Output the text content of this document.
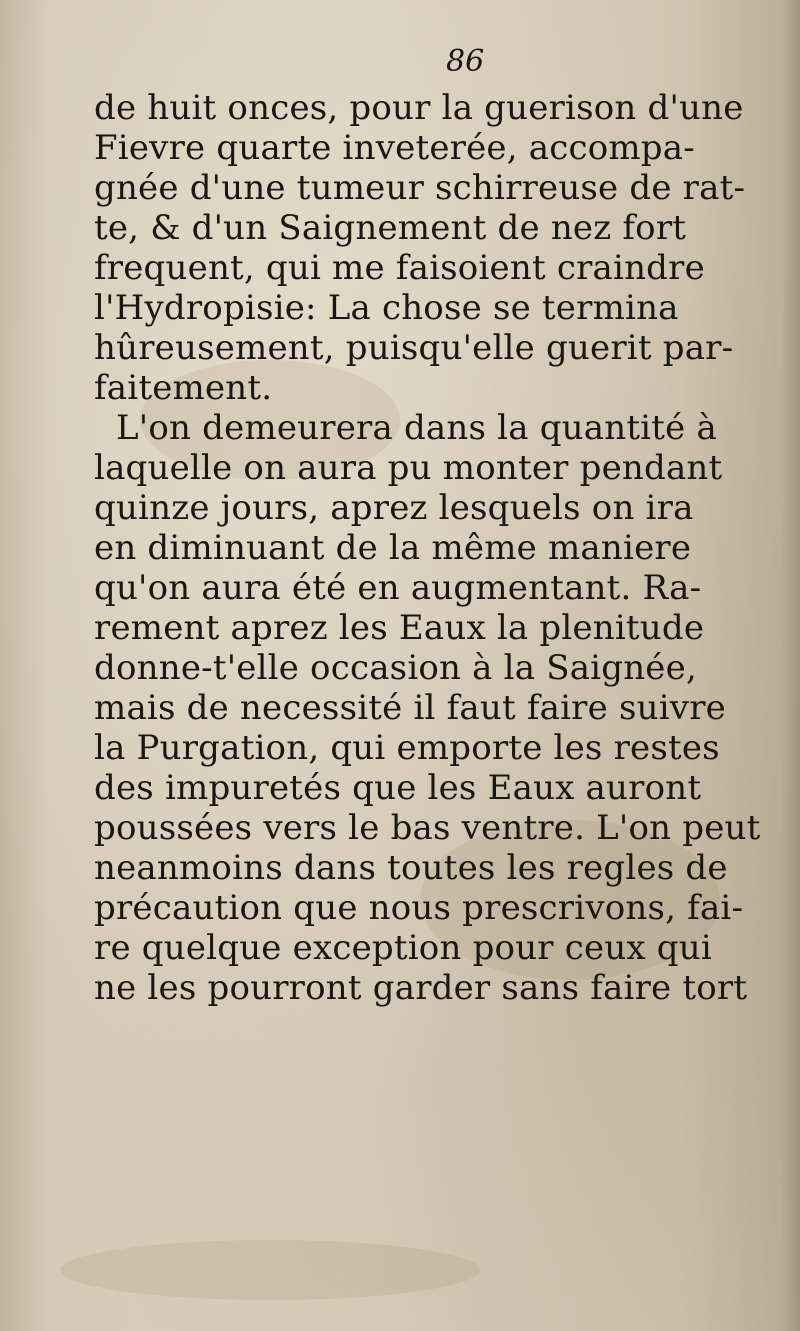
86
de huit onces, pour la guerison d'une
Fievre quarte inveterée, accompa-
gnée d'une tumeur schirreuse de rat-
te, & d'un Saignement de nez fort
frequent, qui me faisoient craindre
l'Hydropisie: La chose se termina
hûreusement, puisqu'elle guerit par-
faitement.
L'on demeurera dans la quantité à
laquelle on aura pu monter pendant
quinze jours, aprez lesquels on ira
en diminuant de la même maniere
qu'on aura été en augmentant. Ra-
rement aprez les Eaux la plenitude
donne-t'elle occasion à la Saignée,
mais de necessité il faut faire suivre
la Purgation, qui emporte les restes
des impuretés que les Eaux auront
poussées vers le bas ventre. L'on peut
neanmoins dans toutes les regles de
précaution que nous prescrivons, fai-
re quelque exception pour ceux qui
ne les pourront garder sans faire tort
